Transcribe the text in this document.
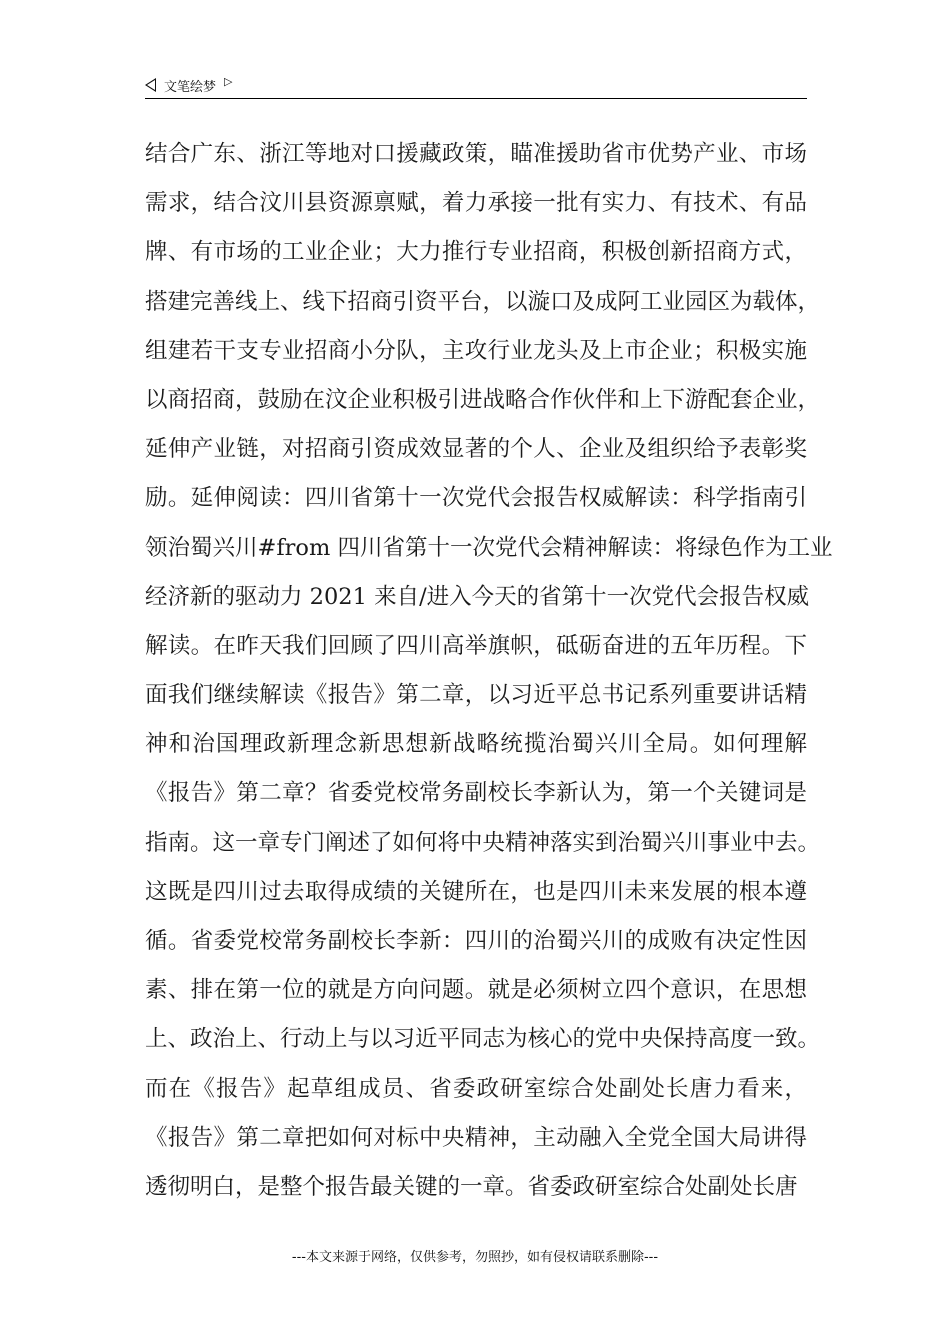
文笔绘梦 ▷
结合广东、浙江等地对口援藏政策，瞄准援助省市优势产业、市场
需求，结合汶川县资源禀赋，着力承接一批有实力、有技术、有品
牌、有市场的工业企业；大力推行专业招商，积极创新招商方式，
搭建完善线上、线下招商引资平台，以漩口及成阿工业园区为载体，
组建若干支专业招商小分队，主攻行业龙头及上市企业；积极实施
以商招商，鼓励在汶企业积极引进战略合作伙伴和上下游配套企业，
延伸产业链，对招商引资成效显著的个人、企业及组织给予表彰奖
励。延伸阅读：四川省第十一次党代会报告权威解读：科学指南引
领治蜀兴川#from 四川省第十一次党代会精神解读：将绿色作为工业
经济新的驱动力 2021 来自/进入今天的省第十一次党代会报告权威
解读。在昨天我们回顾了四川高举旗帜，砥砺奋进的五年历程。下
面我们继续解读《报告》第二章，以习近平总书记系列重要讲话精
神和治国理政新理念新思想新战略统揽治蜀兴川全局。如何理解
《报告》第二章？省委党校常务副校长李新认为，第一个关键词是
指南。这一章专门阐述了如何将中央精神落实到治蜀兴川事业中去。
这既是四川过去取得成绩的关键所在，也是四川未来发展的根本遵
循。省委党校常务副校长李新：四川的治蜀兴川的成败有决定性因
素、排在第一位的就是方向问题。就是必须树立四个意识，在思想
上、政治上、行动上与以习近平同志为核心的党中央保持高度一致。
而在《报告》起草组成员、省委政研室综合处副处长唐力看来，
《报告》第二章把如何对标中央精神，主动融入全党全国大局讲得
透彻明白，是整个报告最关键的一章。省委政研室综合处副处长唐
---本文来源于网络，仅供参考，勿照抄，如有侵权请联系删除---
